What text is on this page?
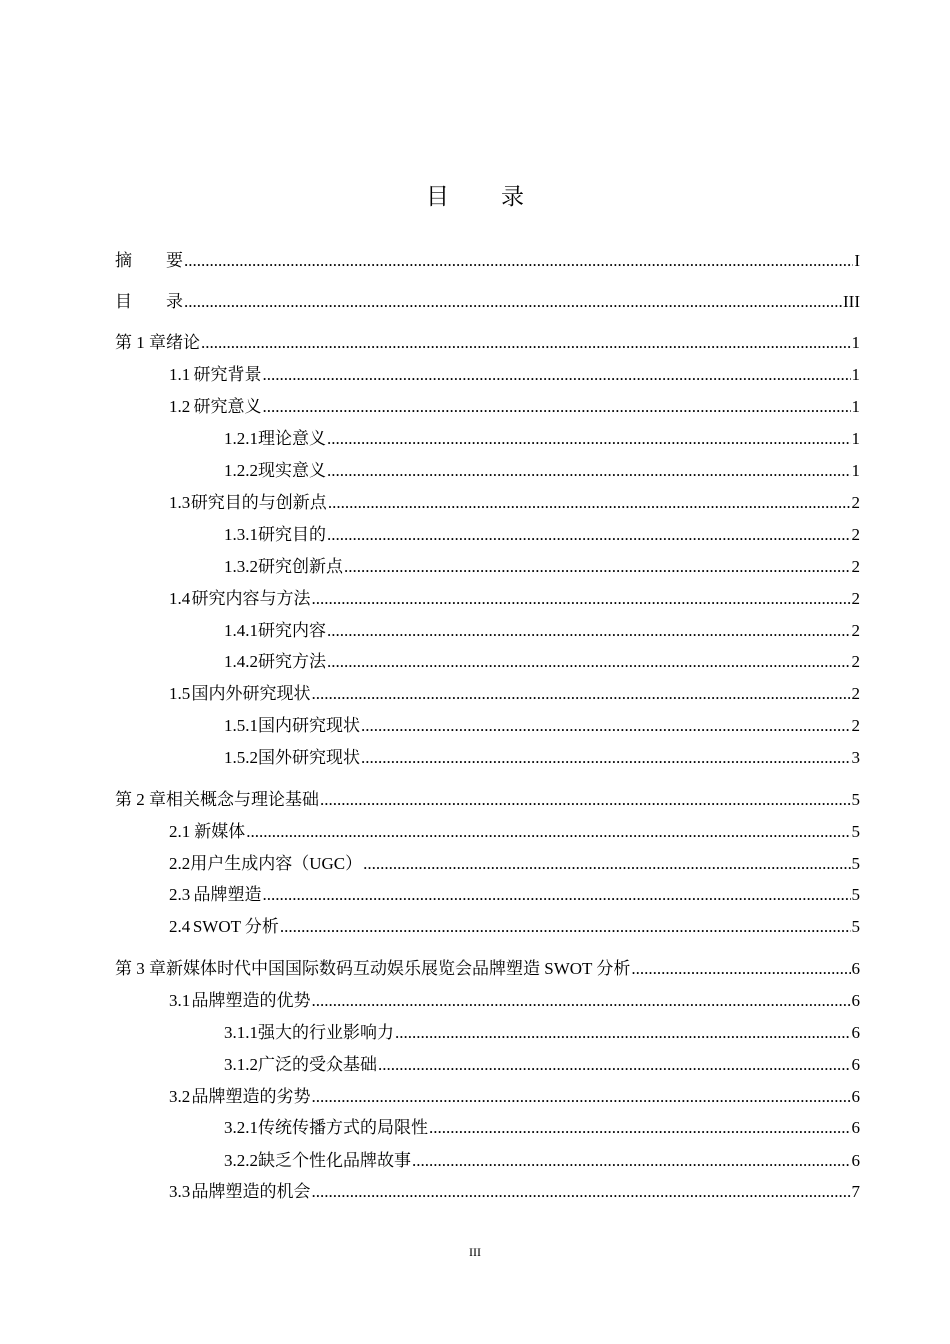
目 录
摘　　要 .....	I
目　　录 .....	III
第 1 章 绪论 .....	1
1.1 研究背景 .....	1
1.2 研究意义 .....	1
1.2.1 理论意义 .....	1
1.2.2 现实意义 .....	1
1.3 研究目的与创新点 .....	2
1.3.1 研究目的 .....	2
1.3.2 研究创新点 .....	2
1.4 研究内容与方法 .....	2
1.4.1 研究内容 .....	2
1.4.2 研究方法 .....	2
1.5 国内外研究现状 .....	2
1.5.1 国内研究现状 .....	2
1.5.2 国外研究现状 .....	3
第 2 章 相关概念与理论基础 .....	5
2.1 新媒体 .....	5
2.2 用户生成内容（UGC） .....	5
2.3 品牌塑造 .....	5
2.4 SWOT 分析 .....	5
第 3 章 新媒体时代中国国际数码互动娱乐展览会品牌塑造 SWOT 分析 .....	6
3.1 品牌塑造的优势 .....	6
3.1.1 强大的行业影响力 .....	6
3.1.2 广泛的受众基础 .....	6
3.2 品牌塑造的劣势 .....	6
3.2.1 传统传播方式的局限性 .....	6
3.2.2 缺乏个性化品牌故事 .....	6
3.3 品牌塑造的机会 .....	7
III
